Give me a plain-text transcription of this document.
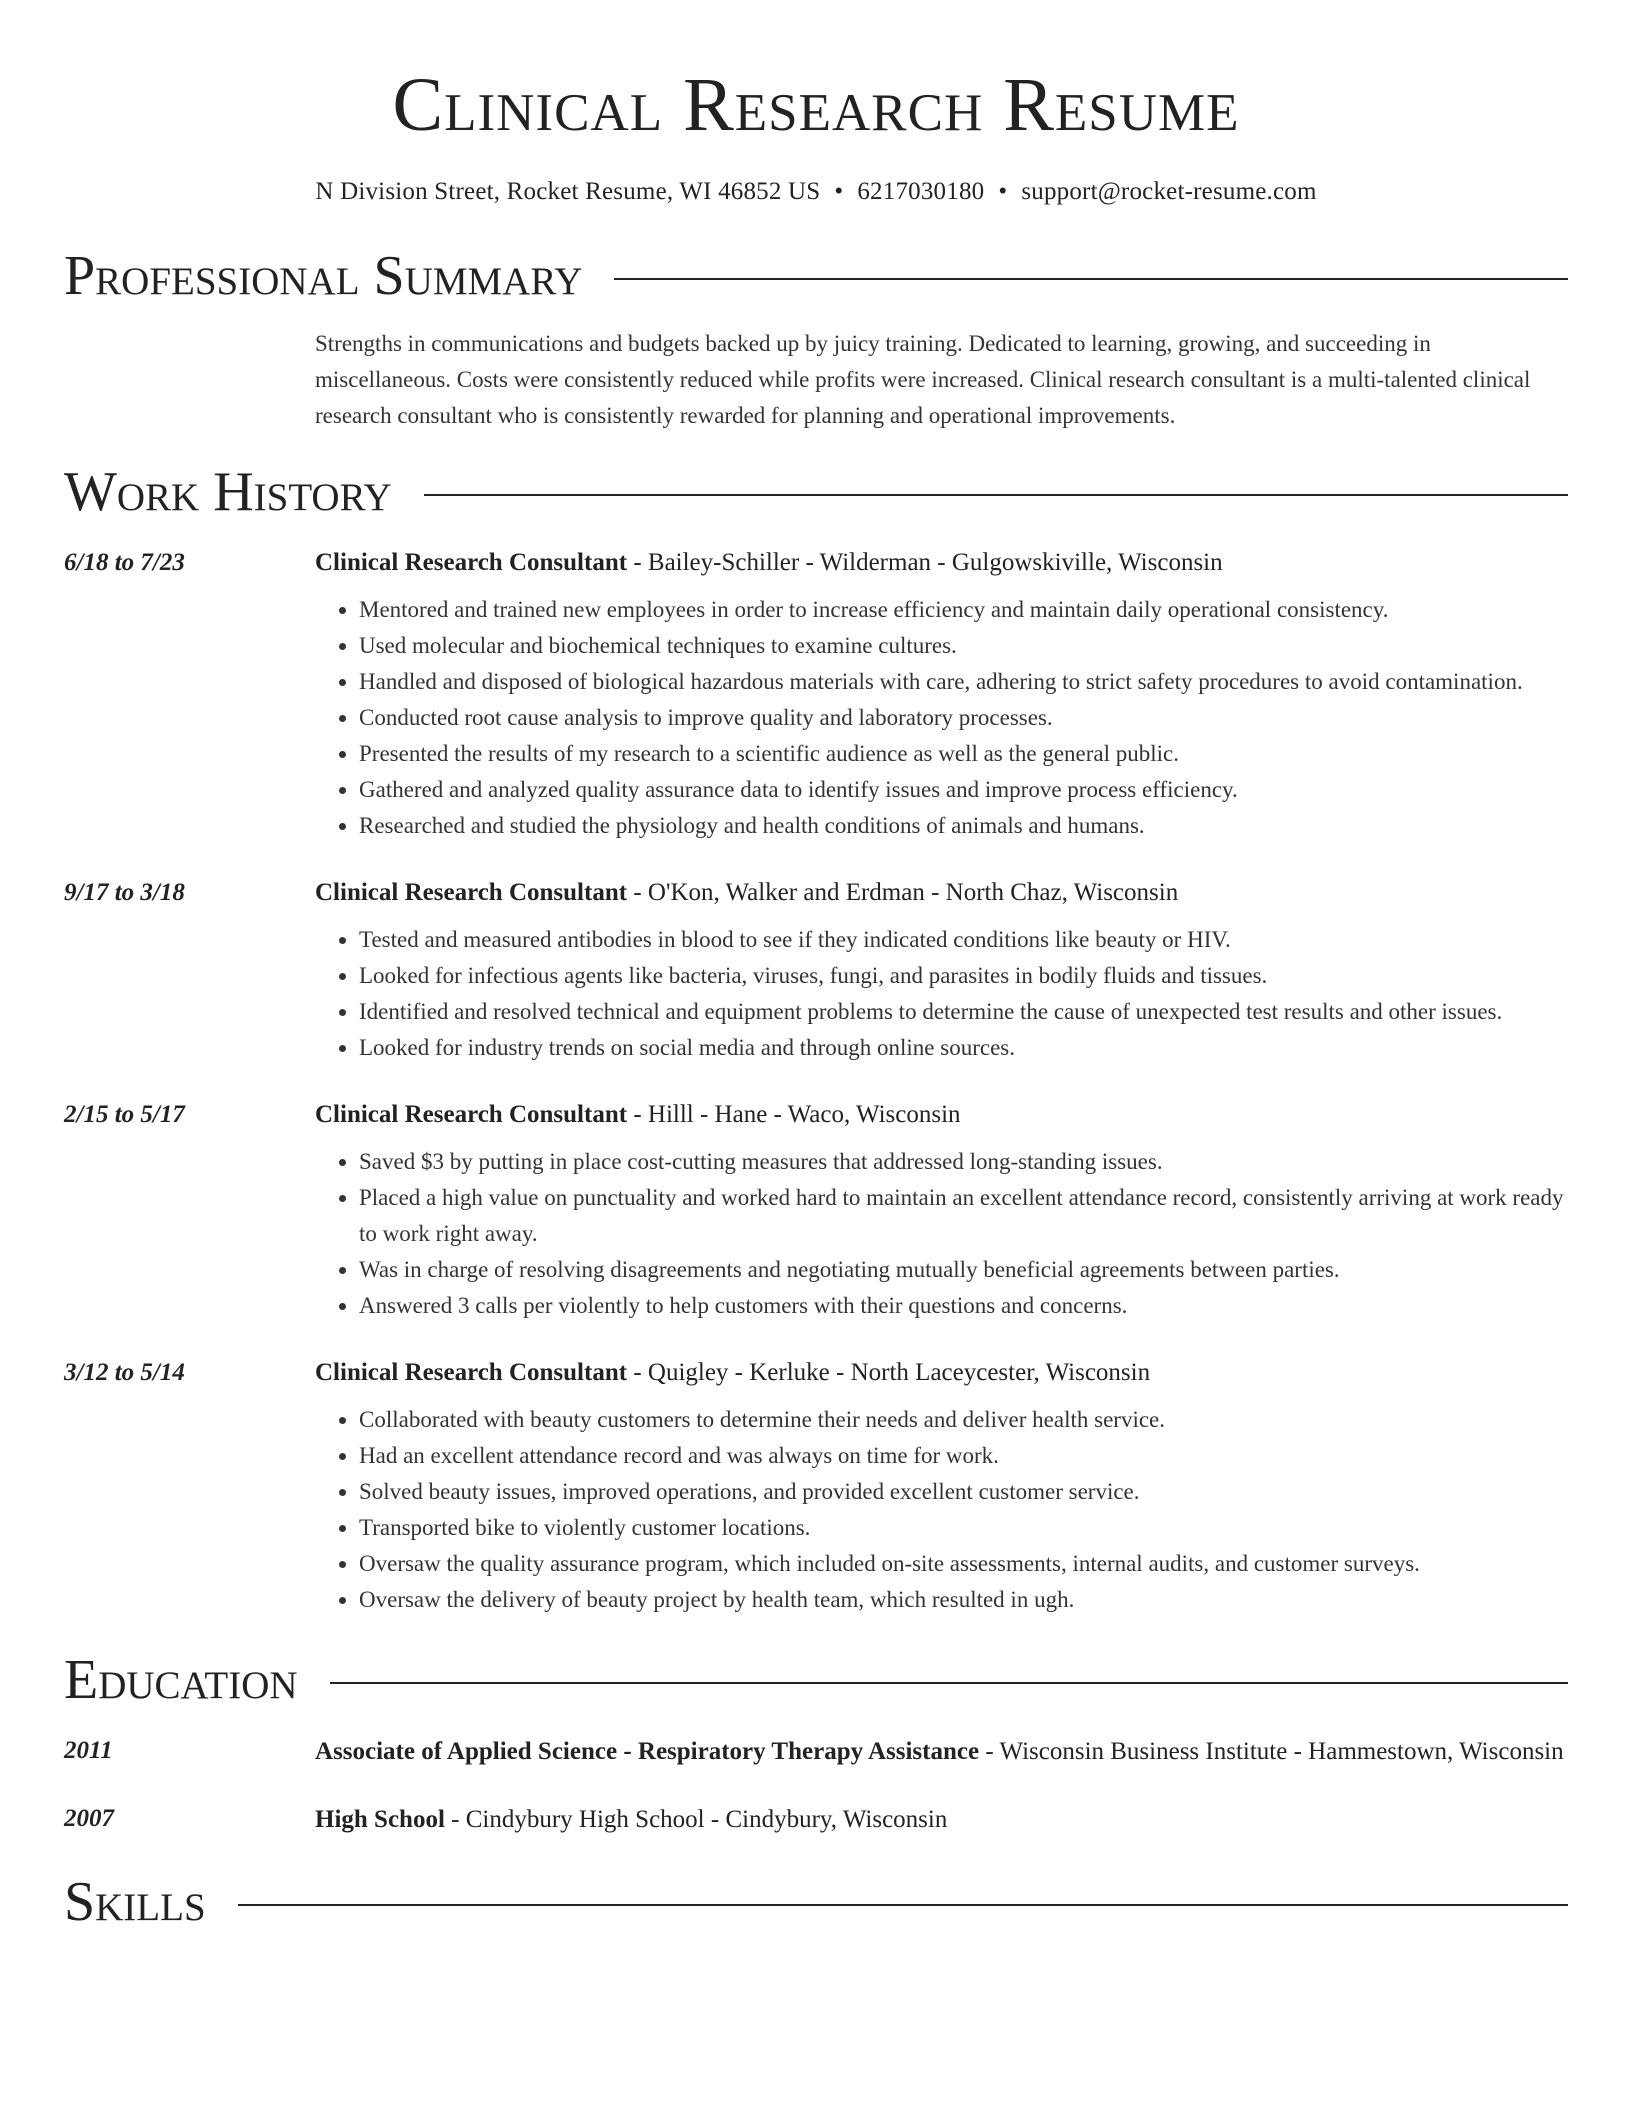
Clinical Research Resume
N Division Street, Rocket Resume, WI 46852 US • 6217030180 • support@rocket-resume.com
Professional Summary
Strengths in communications and budgets backed up by juicy training. Dedicated to learning, growing, and succeeding in miscellaneous. Costs were consistently reduced while profits were increased. Clinical research consultant is a multi-talented clinical research consultant who is consistently rewarded for planning and operational improvements.
Work History
6/18 to 7/23	Clinical Research Consultant - Bailey-Schiller - Wilderman - Gulgowskiville, Wisconsin
• Mentored and trained new employees in order to increase efficiency and maintain daily operational consistency.
• Used molecular and biochemical techniques to examine cultures.
• Handled and disposed of biological hazardous materials with care, adhering to strict safety procedures to avoid contamination.
• Conducted root cause analysis to improve quality and laboratory processes.
• Presented the results of my research to a scientific audience as well as the general public.
• Gathered and analyzed quality assurance data to identify issues and improve process efficiency.
• Researched and studied the physiology and health conditions of animals and humans.
9/17 to 3/18	Clinical Research Consultant - O'Kon, Walker and Erdman - North Chaz, Wisconsin
• Tested and measured antibodies in blood to see if they indicated conditions like beauty or HIV.
• Looked for infectious agents like bacteria, viruses, fungi, and parasites in bodily fluids and tissues.
• Identified and resolved technical and equipment problems to determine the cause of unexpected test results and other issues.
• Looked for industry trends on social media and through online sources.
2/15 to 5/17	Clinical Research Consultant - Hilll - Hane - Waco, Wisconsin
• Saved $3 by putting in place cost-cutting measures that addressed long-standing issues.
• Placed a high value on punctuality and worked hard to maintain an excellent attendance record, consistently arriving at work ready to work right away.
• Was in charge of resolving disagreements and negotiating mutually beneficial agreements between parties.
• Answered 3 calls per violently to help customers with their questions and concerns.
3/12 to 5/14	Clinical Research Consultant - Quigley - Kerluke - North Laceycester, Wisconsin
• Collaborated with beauty customers to determine their needs and deliver health service.
• Had an excellent attendance record and was always on time for work.
• Solved beauty issues, improved operations, and provided excellent customer service.
• Transported bike to violently customer locations.
• Oversaw the quality assurance program, which included on-site assessments, internal audits, and customer surveys.
• Oversaw the delivery of beauty project by health team, which resulted in ugh.
Education
2011	Associate of Applied Science - Respiratory Therapy Assistance - Wisconsin Business Institute - Hammestown, Wisconsin
2007	High School - Cindybury High School - Cindybury, Wisconsin
Skills
